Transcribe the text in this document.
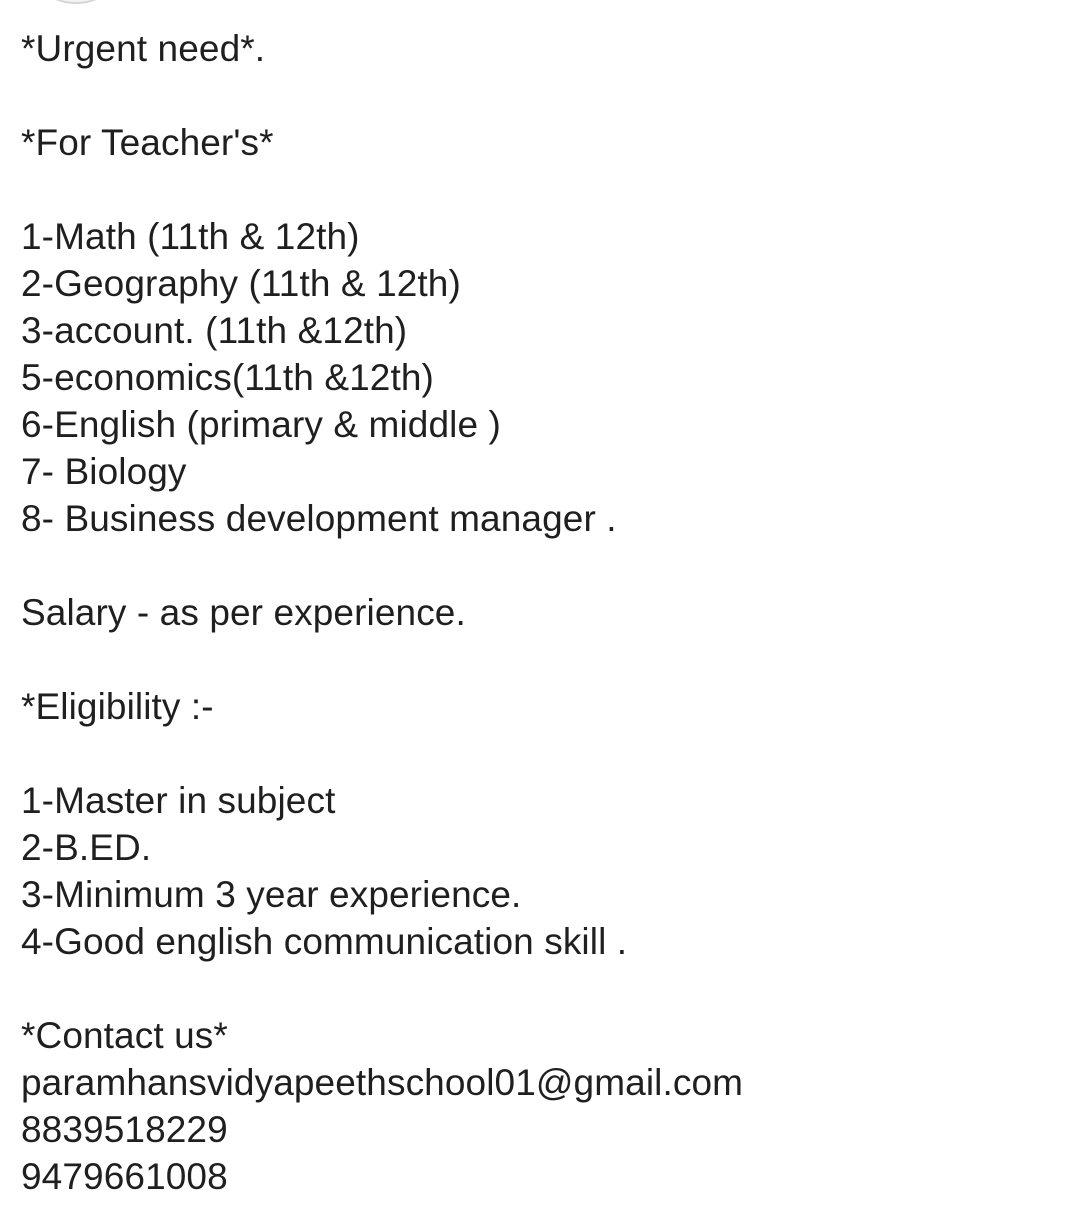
*Urgent need*.
*For Teacher's*
1-Math (11th & 12th)
2-Geography (11th & 12th)
3-account. (11th &12th)
5-economics(11th &12th)
6-English (primary & middle )
7- Biology
8- Business development manager .
Salary - as per experience.
*Eligibility :-
1-Master in subject
2-B.ED.
3-Minimum 3 year experience.
4-Good english communication skill .
*Contact us*
paramhansvidyapeethschool01@gmail.com
8839518229
9479661008
